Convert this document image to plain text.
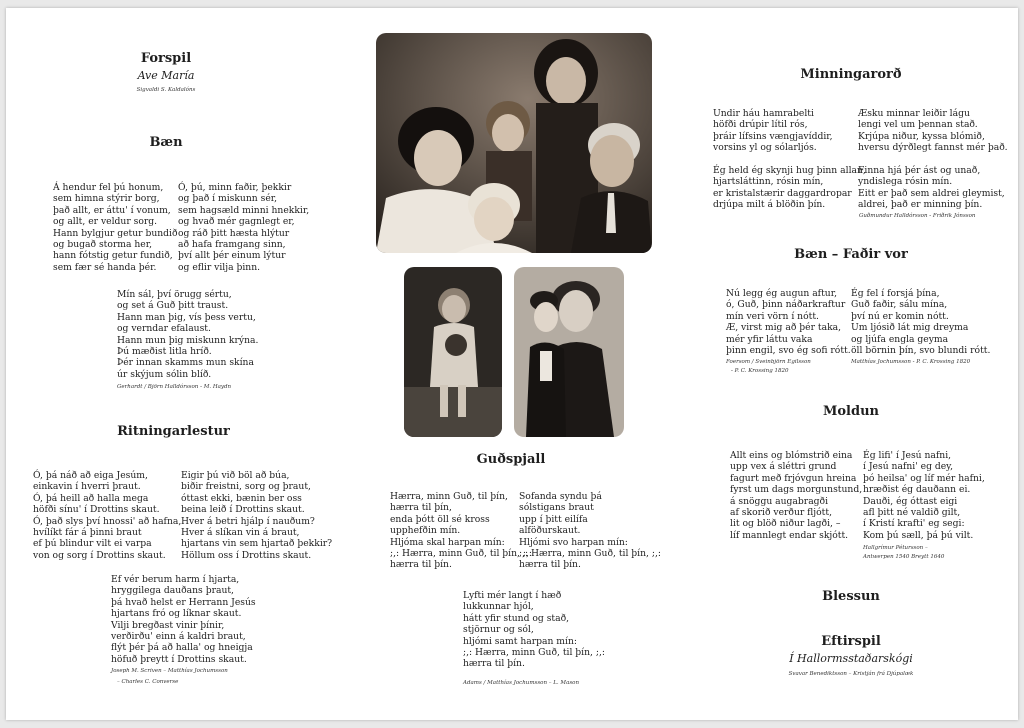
Forspil
Ave María
Sigvaldi S. Kaldalóns
Bæn
Á hendur fel þú honum,
sem himna stýrir borg,
það allt, er áttu' í vonum,
og allt, er veldur sorg.
Hann bylgjur getur bundið
og bugað storma her,
hann fótstig getur fundið,
sem fær sé handa þér.
Ó, þú, minn faðir, þekkir
og það í miskunn sér,
sem hagsæld minni hnekkir,
og hvað mér gagnlegt er,
og ráð þitt hæsta hlýtur
að hafa framgang sinn,
því allt þér einum lýtur
og eflir vilja þinn.
Mín sál, því örugg sértu,
og set á Guð þitt traust.
Hann man þig, vís þess vertu,
og verndar efalaust.
Hann mun þig miskunn krýna.
Þú mæðist litla hríð.
Þér innan skamms mun skína
úr skýjum sólin blíð.
Gerhardt / Björn Halldórsson - M. Haydn
Ritningarlestur
Ó, þá náð að eiga Jesúm,
einkavin í hverri þraut.
Ó, þá heill að halla mega
höfði sínu' í Drottins skaut.
Ó, það slys því hnossi' að hafna,
hvílíkt fár á þinni braut
ef þú blindur vilt ei varpa
von og sorg í Drottins skaut.
Eigir þú við böl að búa,
biðir freistni, sorg og þraut,
óttast ekki, bænin ber oss
beina leið í Drottins skaut.
Hver á betri hjálp í nauðum?
Hver á slíkan vin á braut,
hjartans vin sem hjartað þekkir?
Höllum oss í Drottins skaut.
Ef vér berum harm í hjarta,
hryggilega dauðans þraut,
þá hvað helst er Herrann Jesús
hjartans fró og líknar skaut.
Vilji bregðast vinir þínir,
verðirðu' einn á kaldri braut,
flýt þér þá að halla' og hneigja
höfuð þreytt í Drottins skaut.
Joseph M. Scriven – Matthías Jochumsson
– Charles C. Converse
Guðspjall
Hærra, minn Guð, til þín,
hærra til þín,
enda þótt öll sé kross
upphefðin mín.
Hljóma skal harpan mín:
;,: Hærra, minn Guð, til þín, ;,:
hærra til þín.
Sofanda syndu þá
sólstigans braut
upp í þitt eilífa
alföðurskaut.
Hljómi svo harpan mín:
;,: Hærra, minn Guð, til þín, ;,:
hærra til þín.
Lyfti mér langt í hæð
lukkunnar hjól,
hátt yfir stund og stað,
stjörnur og sól,
hljómi samt harpan mín:
;,: Hærra, minn Guð, til þín, ;,:
hærra til þín.
Adams / Matthías Jochumsson – L. Mason
Minningarorð
Undir háu hamrabelti
höfði drúpir lítil rós,
þráir lífsins vængjavíddir,
vorsins yl og sólarljós.

Ég held ég skynji hug þinn allan,
hjartsláttinn, rósin mín,
er kristalstærir daggardropar
drjúpa milt á blöðin þín.
Æsku minnar leiðir lágu
lengi vel um þennan stað.
Krjúpa niður, kyssa blómið,
hversu dýrðlegt fannst mér það.

Finna hjá þér ást og unað,
yndislega rósin mín.
Eitt er það sem aldrei gleymist,
aldrei, það er minning þín.
Guðmundur Halldórsson - Friðrik Jónsson
Bæn – Faðir vor
Nú legg ég augun aftur,
ó, Guð, þinn náðarkraftur
mín veri vörn í nótt.
Æ, virst mig að þér taka,
mér yfir láttu vaka
þinn engil, svo ég sofi rótt.
Foersom / Sveinbjörn Egilsson
- P. C. Krossing 1820
Ég fel í forsjá þína,
Guð faðir, sálu mína,
því nú er komin nótt.
Um ljósið lát mig dreyma
og ljúfa engla geyma
öll börnin þín, svo blundi rótt.
Matthías Jochumsson - P. C. Krossing 1820
Moldun
Allt eins og blómstrið eina
upp vex á sléttri grund
fagurt með frjóvgun hreina
fyrst um dags morgunstund,
á snöggu augabragði
af skorið verður fljótt,
lit og blöð niður lagði, –
líf mannlegt endar skjótt.
Ég lifi' í Jesú nafni,
í Jesú nafni' eg dey,
þó heilsa' og líf mér hafni,
hræðist ég dauðann ei.
Dauði, ég óttast eigi
afl þitt né valdið gilt,
í Kristí krafti' eg segi:
Kom þú sæll, þá þú vilt.
Hallgrímur Pétursson –
Antwerpen 1540 Breytt 1640
Blessun
Eftirspil
Í Hallormsstaðarskógi
Svavar Benediktsson – Kristján frá Djúpalæk
